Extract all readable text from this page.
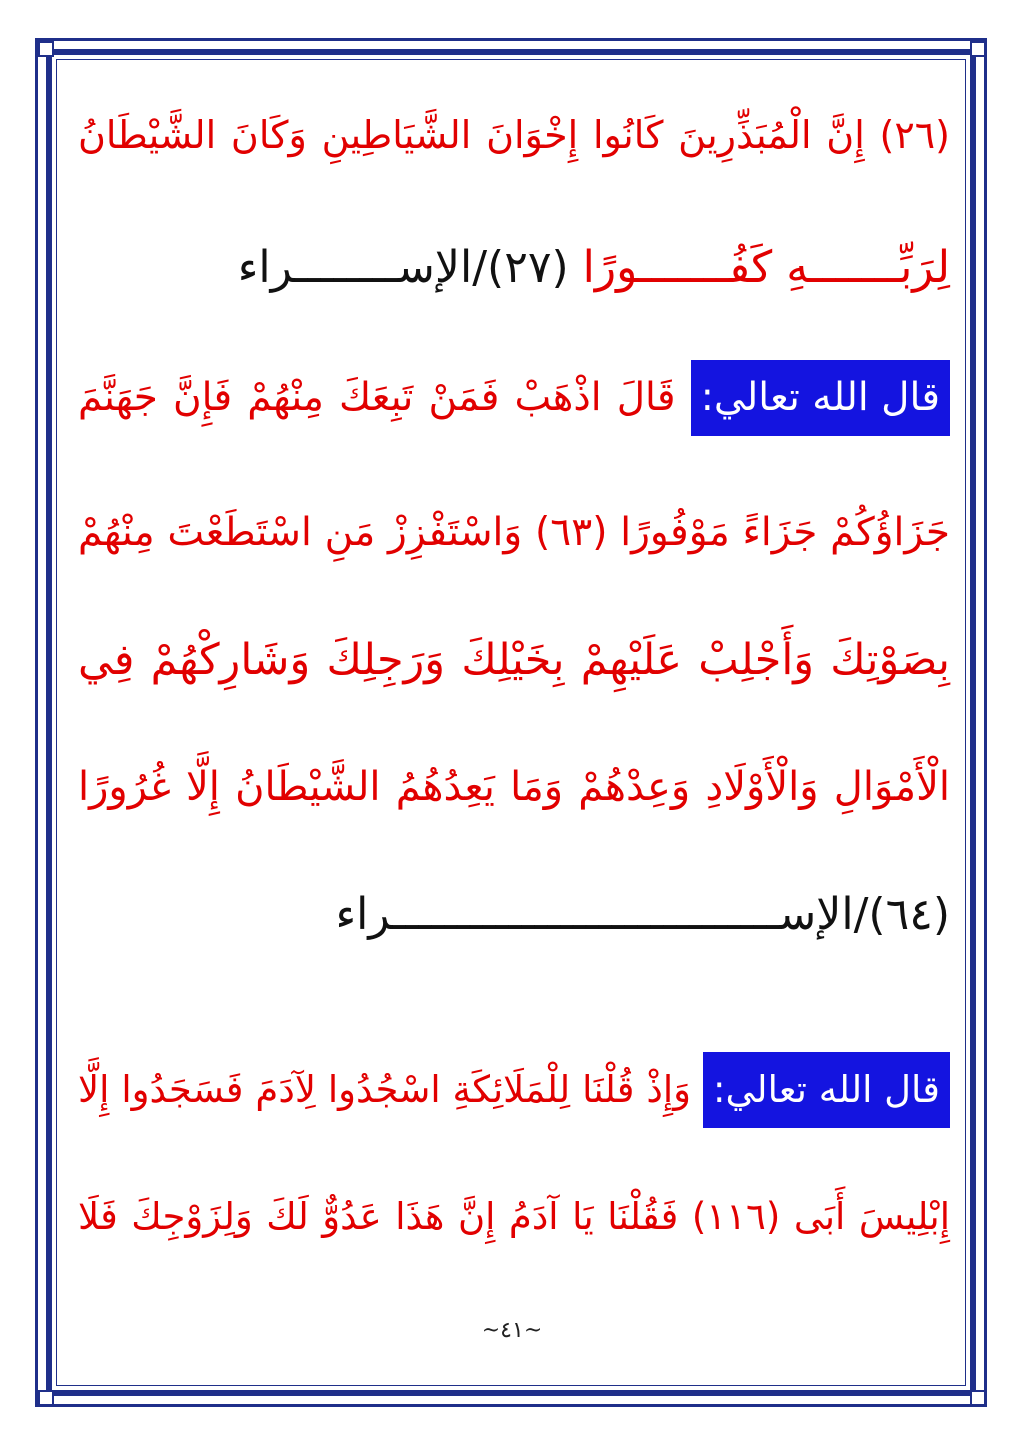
(٢٦) إِنَّ الْمُبَذِّرِينَ كَانُوا إِخْوَانَ الشَّيَاطِينِ وَكَانَ الشَّيْطَانُ
لِرَبِّـــــــهِ كَفُـــــــورًا (٢٧)/الإســــــــراء
قال الله تعالي: قَالَ اذْهَبْ فَمَنْ تَبِعَكَ مِنْهُمْ فَإِنَّ جَهَنَّمَ
جَزَاؤُكُمْ جَزَاءً مَوْفُورًا (٦٣) وَاسْتَفْزِزْ مَنِ اسْتَطَعْتَ مِنْهُمْ
بِصَوْتِكَ وَأَجْلِبْ عَلَيْهِمْ بِخَيْلِكَ وَرَجِلِكَ وَشَارِكْهُمْ فِي
الْأَمْوَالِ وَالْأَوْلَادِ وَعِدْهُمْ وَمَا يَعِدُهُمُ الشَّيْطَانُ إِلَّا غُرُورًا
(٦٤)/الإســــــــــــــــــــــــــــــراء
قال الله تعالي: وَإِذْ قُلْنَا لِلْمَلَائِكَةِ اسْجُدُوا لِآدَمَ فَسَجَدُوا إِلَّا
إِبْلِيسَ أَبَى (١١٦) فَقُلْنَا يَا آدَمُ إِنَّ هَذَا عَدُوٌّ لَكَ وَلِزَوْجِكَ فَلَا
~٤١~
